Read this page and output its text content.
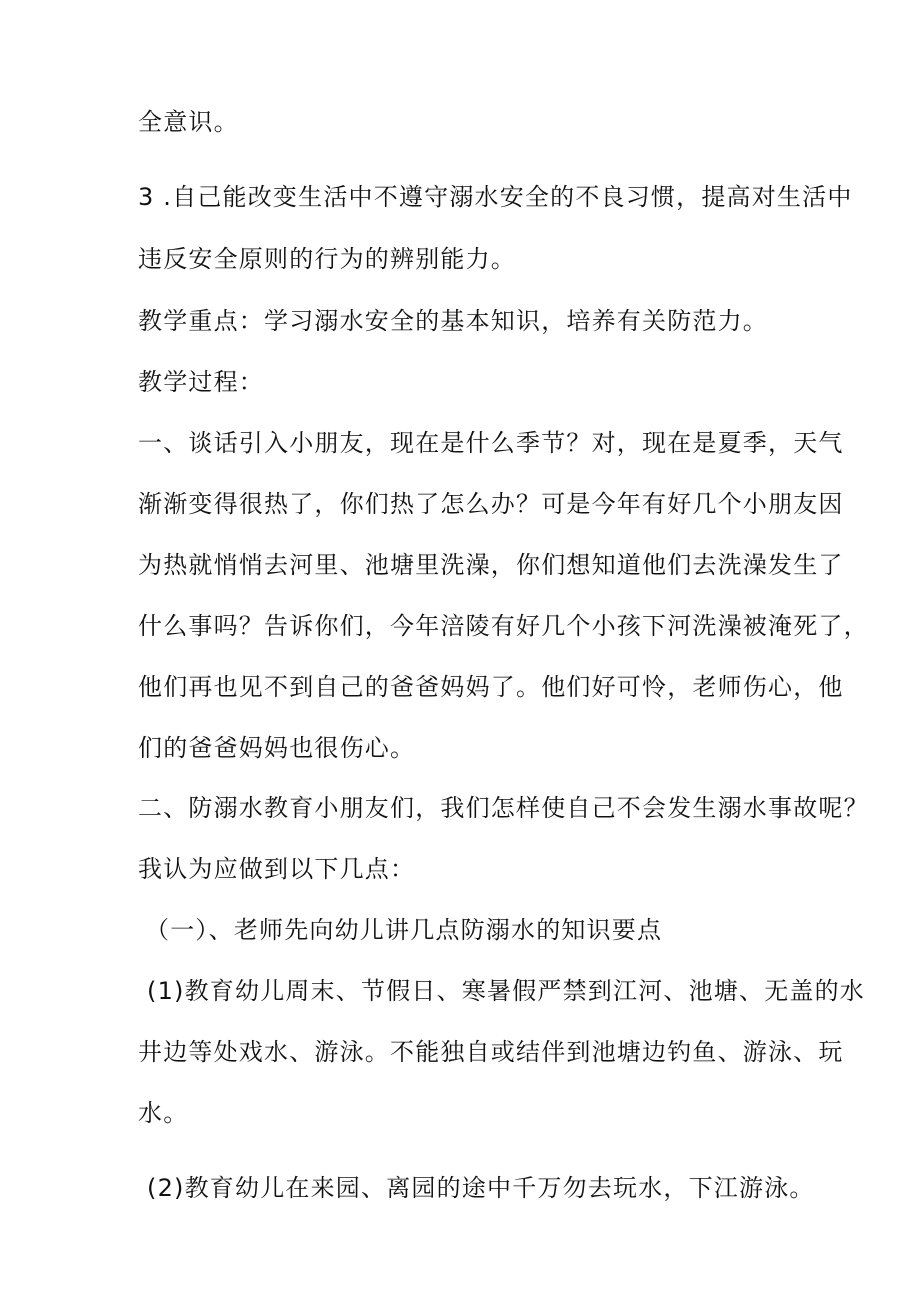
全意识。
3 .自己能改变生活中不遵守溺水安全的不良习惯，提高对生活中
违反安全原则的行为的辨别能力。
教学重点：学习溺水安全的基本知识，培养有关防范力。
教学过程：
一、谈话引入小朋友，现在是什么季节？对，现在是夏季，天气
渐渐变得很热了，你们热了怎么办？可是今年有好几个小朋友因
为热就悄悄去河里、池塘里洗澡，你们想知道他们去洗澡发生了
什么事吗？告诉你们，今年涪陵有好几个小孩下河洗澡被淹死了，
他们再也见不到自己的爸爸妈妈了。他们好可怜，老师伤心，他
们的爸爸妈妈也很伤心。
二、防溺水教育小朋友们，我们怎样使自己不会发生溺水事故呢？
我认为应做到以下几点：
（一）、老师先向幼儿讲几点防溺水的知识要点
(1)教育幼儿周末、节假日、寒暑假严禁到江河、池塘、无盖的水
井边等处戏水、游泳。不能独自或结伴到池塘边钓鱼、游泳、玩
水。
(2)教育幼儿在来园、离园的途中千万勿去玩水，下江游泳。
